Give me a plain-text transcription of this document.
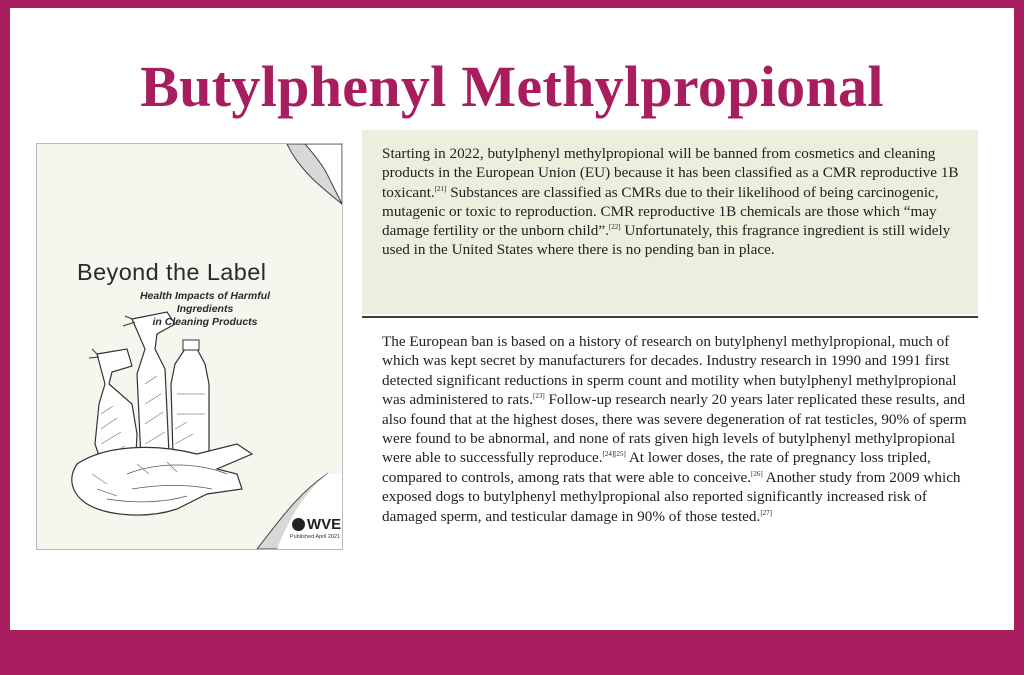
Butylphenyl Methylpropional
Beyond the Label
Health Impacts of Harmful Ingredients
in Cleaning Products
WVE
Published April 2021

Starting in 2022, butylphenyl methylpropional will be banned from cosmetics and cleaning products in the European Union (EU) because it has been classified as a CMR reproductive 1B toxicant.[21] Substances are classified as CMRs due to their likelihood of being carcinogenic, mutagenic or toxic to reproduction. CMR reproductive 1B chemicals are those which “may damage fertility or the unborn child”.[22] Unfortunately, this fragrance ingredient is still widely used in the United States where there is no pending ban in place.

The European ban is based on a history of research on butylphenyl methylpropional, much of which was kept secret by manufacturers for decades. Industry research in 1990 and 1991 first detected significant reductions in sperm count and motility when butylphenyl methylpropional was administered to rats.[23] Follow-up research nearly 20 years later replicated these results, and also found that at the highest doses, there was severe degeneration of rat testicles, 90% of sperm were found to be abnormal, and none of rats given high levels of butylphenyl methylpropional were able to successfully reproduce.[24][25] At lower doses, the rate of pregnancy loss tripled, compared to controls, among rats that were able to conceive.[26] Another study from 2009 which exposed dogs to butylphenyl methylpropional also reported significantly increased risk of damaged sperm, and testicular damage in 90% of those tested.[27]
